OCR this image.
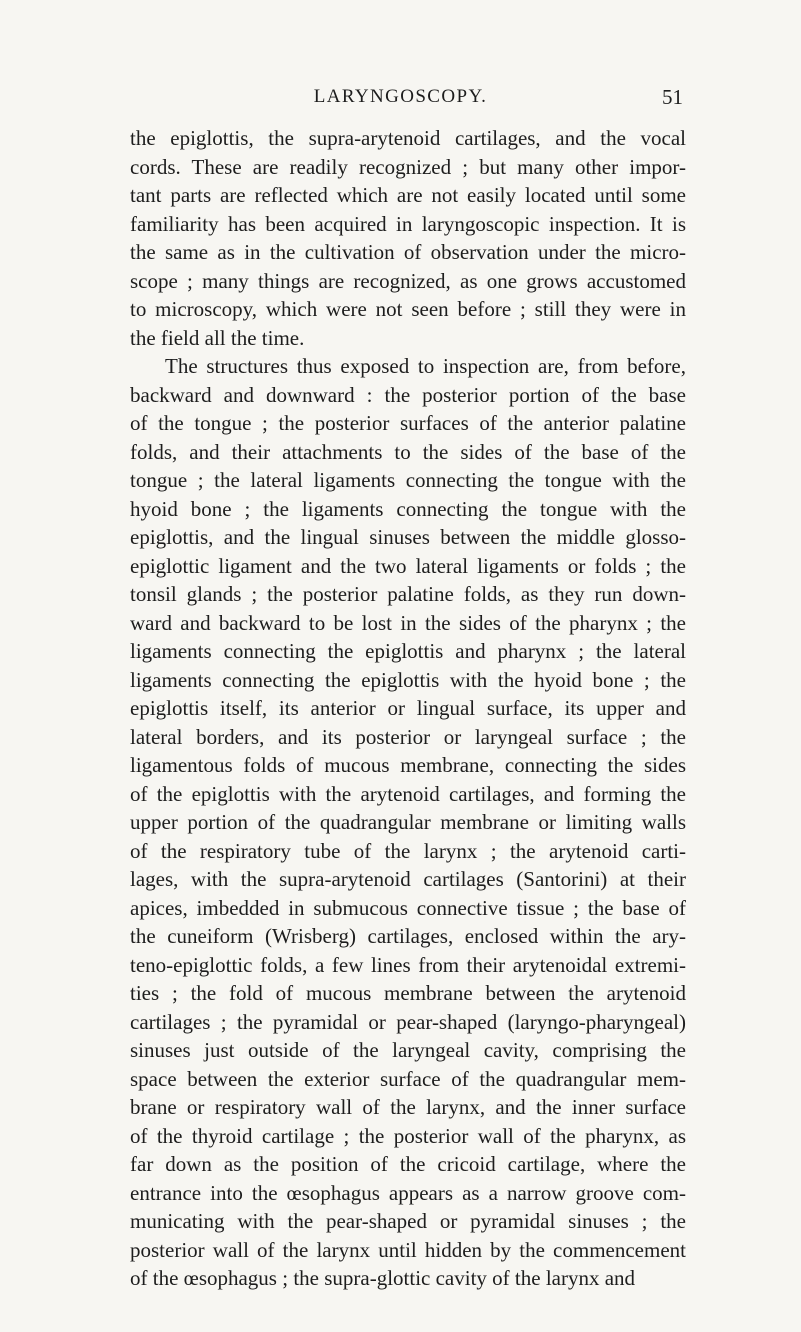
LARYNGOSCOPY.	51
the epiglottis, the supra-arytenoid cartilages, and the vocal
cords. These are readily recognized ; but many other impor-
tant parts are reflected which are not easily located until some
familiarity has been acquired in laryngoscopic inspection. It is
the same as in the cultivation of observation under the micro-
scope ; many things are recognized, as one grows accustomed
to microscopy, which were not seen before ; still they were in
the field all the time.
The structures thus exposed to inspection are, from before,
backward and downward : the posterior portion of the base
of the tongue ; the posterior surfaces of the anterior palatine
folds, and their attachments to the sides of the base of the
tongue ; the lateral ligaments connecting the tongue with the
hyoid bone ; the ligaments connecting the tongue with the
epiglottis, and the lingual sinuses between the middle glosso-
epiglottic ligament and the two lateral ligaments or folds ; the
tonsil glands ; the posterior palatine folds, as they run down-
ward and backward to be lost in the sides of the pharynx ; the
ligaments connecting the epiglottis and pharynx ; the lateral
ligaments connecting the epiglottis with the hyoid bone ; the
epiglottis itself, its anterior or lingual surface, its upper and
lateral borders, and its posterior or laryngeal surface ; the
ligamentous folds of mucous membrane, connecting the sides
of the epiglottis with the arytenoid cartilages, and forming the
upper portion of the quadrangular membrane or limiting walls
of the respiratory tube of the larynx ; the arytenoid carti-
lages, with the supra-arytenoid cartilages (Santorini) at their
apices, imbedded in submucous connective tissue ; the base of
the cuneiform (Wrisberg) cartilages, enclosed within the ary-
teno-epiglottic folds, a few lines from their arytenoidal extremi-
ties ; the fold of mucous membrane between the arytenoid
cartilages ; the pyramidal or pear-shaped (laryngo-pharyngeal)
sinuses just outside of the laryngeal cavity, comprising the
space between the exterior surface of the quadrangular mem-
brane or respiratory wall of the larynx, and the inner surface
of the thyroid cartilage ; the posterior wall of the pharynx, as
far down as the position of the cricoid cartilage, where the
entrance into the œsophagus appears as a narrow groove com-
municating with the pear-shaped or pyramidal sinuses ; the
posterior wall of the larynx until hidden by the commencement
of the œsophagus ; the supra-glottic cavity of the larynx and
